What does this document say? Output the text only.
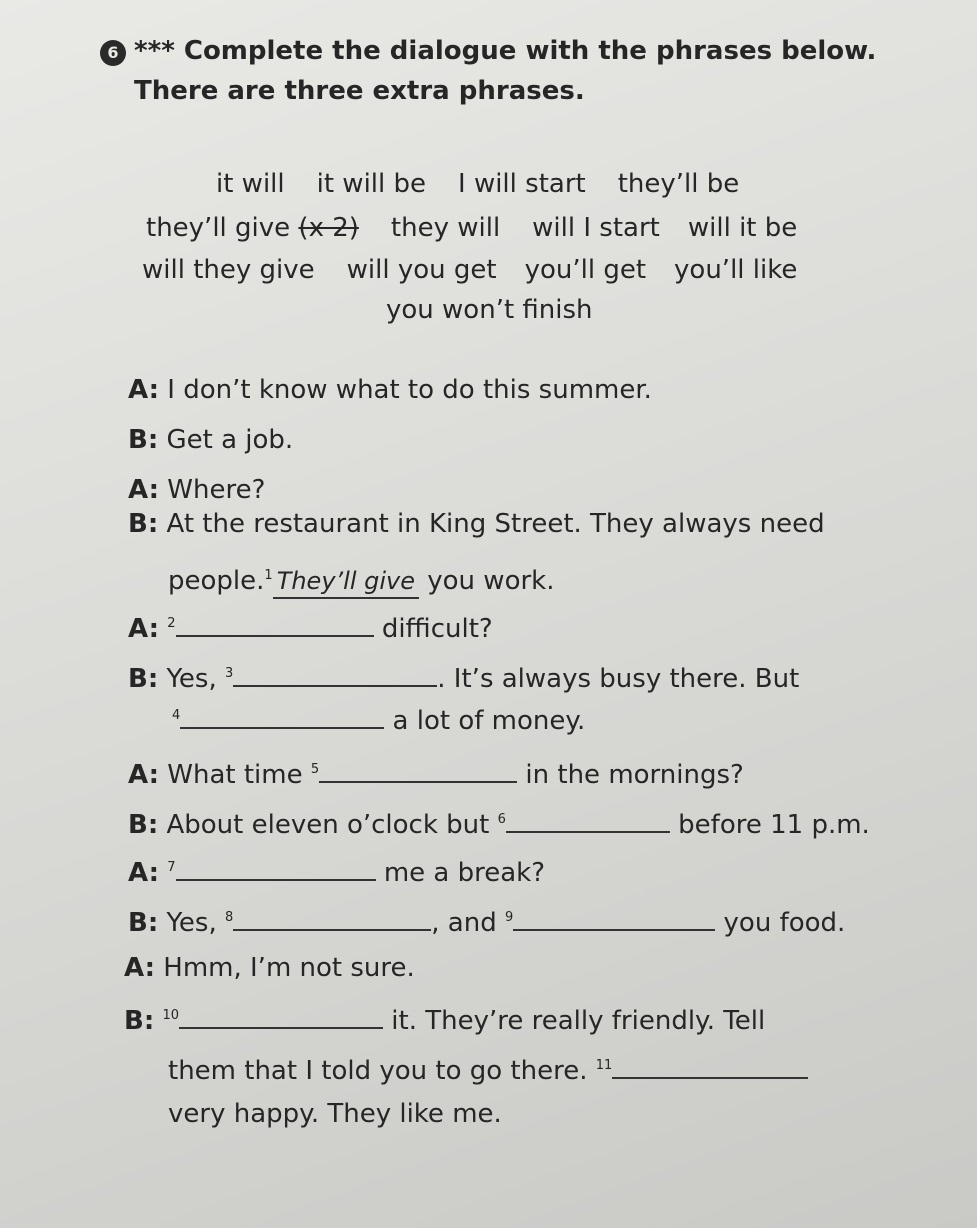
6 *** Complete the dialogue with the phrases below.
There are three extra phrases.
it will it will be I will start they’ll be
they’ll give (x 2) they will will I start will it be
will they give will you get you’ll get you’ll like
you won’t finish
A: I don’t know what to do this summer.
B: Get a job.
A: Where?
B: At the restaurant in King Street. They always need
people.$^1$ They’ll give you work.
A: $^2$	difficult?
B: Yes, $^3$	. It’s always busy there. But
$^4$	a lot of money.
A: What time $^5$	in the mornings?
B: About eleven o’clock but $^6$	before 11 p.m.
A: $^7$	me a break?
B: Yes, $^8$	, and $^9$	you food.
A: Hmm, I’m not sure.
B: $^{10}$	it. They’re really friendly. Tell
them that I told you to go there. $^{11}$
very happy. They like me.
